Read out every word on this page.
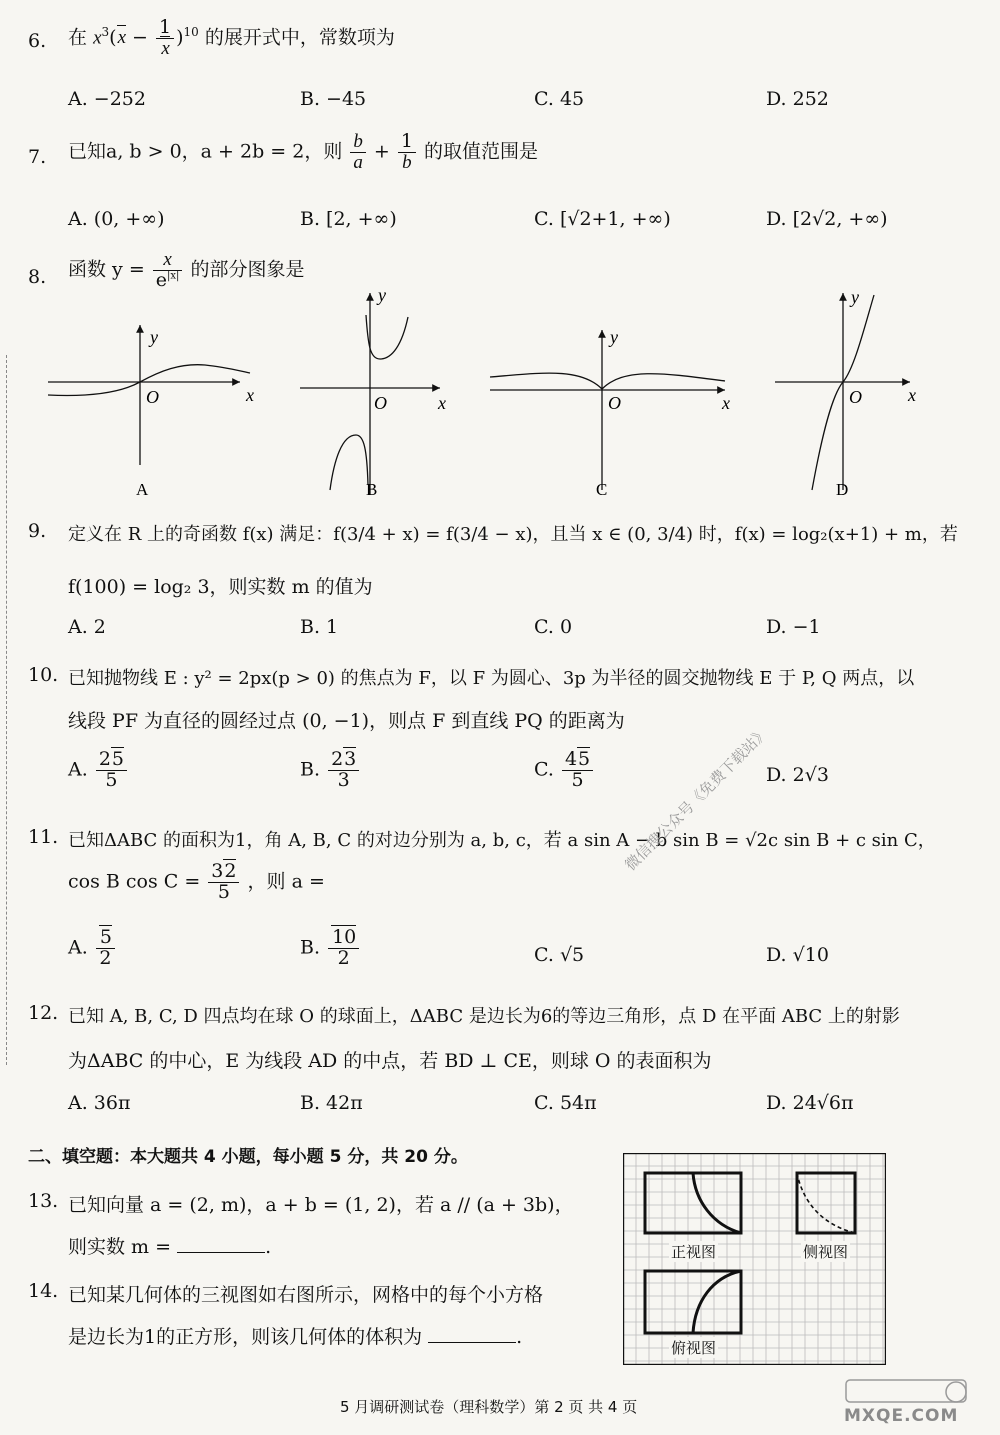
6. 在 $x^3(x - \frac{1}{x} )^{10}$ 的展开式中，常数项为
A. −252	B. −45	C. 45	D. 252
7. 已知a, b > 0，a + 2b = 2，则 $\frac{b}{a} + \frac{1}{b}$ 的取值范围是
A. (0, +∞)	B. [2, +∞)	C. [√2+1, +∞)	D. [2√2, +∞)
8. 函数 $y = \frac{x}{e^{|x|}}$ 的部分图象是
y
x
O
A
y
x
O
B
y
x
O
C
y
x
O
D
9. 定义在 R 上的奇函数 f(x) 满足：f(3/4 + x) = f(3/4 − x)，且当 x ∈ (0, 3/4) 时，f(x) = log₂(x+1) + m，若
f(100) = log₂ 3，则实数 m 的值为
A. 2	B. 1	C. 0	D. −1
10. 已知抛物线 E : y² = 2px(p > 0) 的焦点为 F，以 F 为圆心、3p 为半径的圆交抛物线 E 于 P, Q 两点，以
线段 PF 为直径的圆经过点 (0, −1)，则点 F 到直线 PQ 的距离为
A. $\frac{25}{5}$	B. $\frac{23}{3}$	C. $\frac{45}{5}$	D. 2√3
11. 已知ΔABC 的面积为1，角 A, B, C 的对边分别为 a, b, c，若 a sin A − b sin B = √2c sin B + c sin C，
cos B $\cos C = \frac{32}{5}$ ，则 a =
A. $\frac{5}{2}$	B. $\frac{10}{2}$	C. √5	D. √10
12. 已知 A, B, C, D 四点均在球 O 的球面上，ΔABC 是边长为6的等边三角形，点 D 在平面 ABC 上的射影
为ΔABC 的中心，E 为线段 AD 的中点，若 BD ⊥ CE，则球 O 的表面积为
A. 36π	B. 42π	C. 54π	D. 24√6π
二、填空题：本大题共 4 小题，每小题 5 分，共 20 分。
13. 已知向量 a = (2, m)，a + b = (1, 2)，若 a // (a + 3b)，
则实数 m =	.
14. 已知某几何体的三视图如右图所示，网格中的每个小方格
是边长为1的正方形，则该几何体的体积为	.
正视图	侧视图
俯视图
微信搜公众号《免费下载站》
5 月调研测试卷（理科数学）第 2 页 共 4 页	MXQE.COM
